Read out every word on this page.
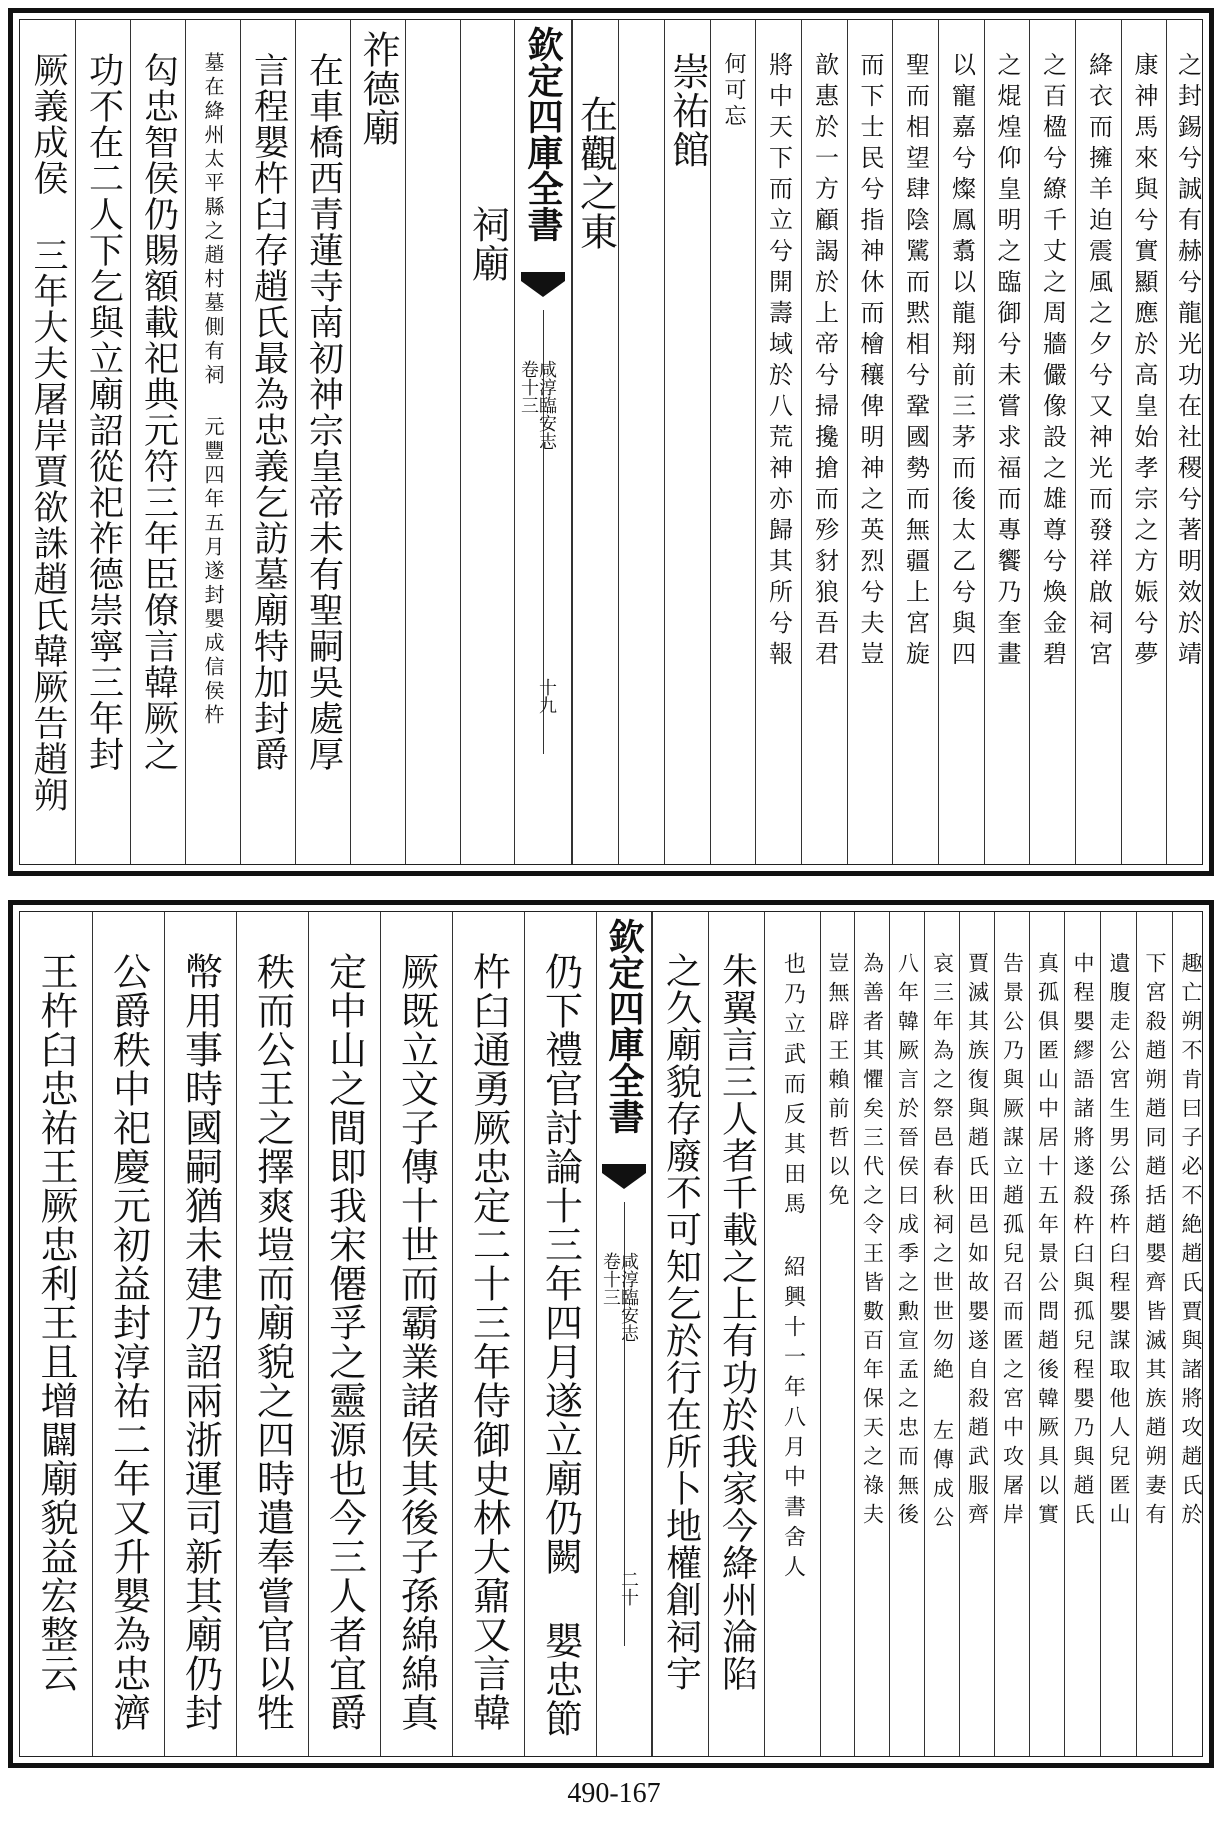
厥義成侯 三年大夫屠岸賈欲誅趙氏韓厥告趙朔 功不在二人下乞與立廟詔從祀祚德崇寧三年封 匃忠智侯仍賜額載祀典元符三年臣僚言韓厥之 墓在絳州太平縣之趙村墓側有祠 元豐四年五月遂封嬰成信侯杵 言程嬰杵臼存趙氏最為忠義乞訪墓廟特加封爵 在車橋西青蓮寺南初神宗皇帝未有聖嗣吳處厚 祚德廟
祠廟
欽定四庫全書
咸淳臨安志
卷十三
十九
在觀之東 崇祐館 何可忘 將中天下而立兮開壽域於八荒神亦歸其所兮報 歆惠於一方顧謁於上帝兮掃攙搶而殄豺狼吾君 而下士民兮指神休而檜穰俾明神之英烈兮夫豈 聖而相望肆陰騭而黙相兮鞏國勢而無疆上宮旋 以寵嘉兮燦鳳翥以龍翔前三茅而後太乙兮與四 之焜煌仰皇明之臨御兮未嘗求福而專饗乃奎畫 之百楹兮繚千丈之周牆儼像設之雄尊兮煥金碧 絳衣而擁羊迫震風之夕兮又神光而發祥啟祠宮 康神馬來與兮實顯應於高皇始孝宗之方娠兮夢 之封錫兮誠有赫兮龍光功在社稷兮著明效於靖
王杵臼忠祐王厥忠利王且增闢廟貌益宏整云 公爵秩中祀慶元初益封淳祐二年又升嬰為忠濟 幣用事時國嗣猶未建乃詔兩浙運司新其廟仍封 秩而公王之擇爽塏而廟貌之四時遣奉嘗官以牲 定中山之間即我宋僊孚之靈源也今三人者宜爵 厥既立文子傳十世而霸業諸侯其後子孫綿綿真 杵臼通勇厥忠定二十三年侍御史林大鼐又言韓 仍下禮官討論十三年四月遂立廟仍闕 嬰忠節 欽定四庫全書
咸淳臨安志
卷十三
二十 之久廟貌存廢不可知乞於行在所卜地權創祠宇 朱翼言三人者千載之上有功於我家今絳州淪陷 也乃立武而反其田馬 紹興十一年八月中書舍人 豈無辟王賴前哲以免 為善者其懼矣三代之令王皆數百年保天之祿夫 八年韓厥言於晉侯曰成季之勲宣孟之忠而無後 哀三年為之祭邑春秋祠之世世勿絶 左傳成公 賈滅其族復與趙氏田邑如故嬰遂自殺趙武服齊 告景公乃與厥謀立趙孤兒召而匿之宮中攻屠岸 真孤俱匿山中居十五年景公問趙後韓厥具以實 中程嬰繆語諸將遂殺杵臼與孤兒程嬰乃與趙氏 遺腹走公宮生男公孫杵臼程嬰謀取他人兒匿山 下宮殺趙朔趙同趙括趙嬰齊皆滅其族趙朔妻有 趣亡朔不肯曰子必不絶趙氏賈與諸將攻趙氏於
490-167
